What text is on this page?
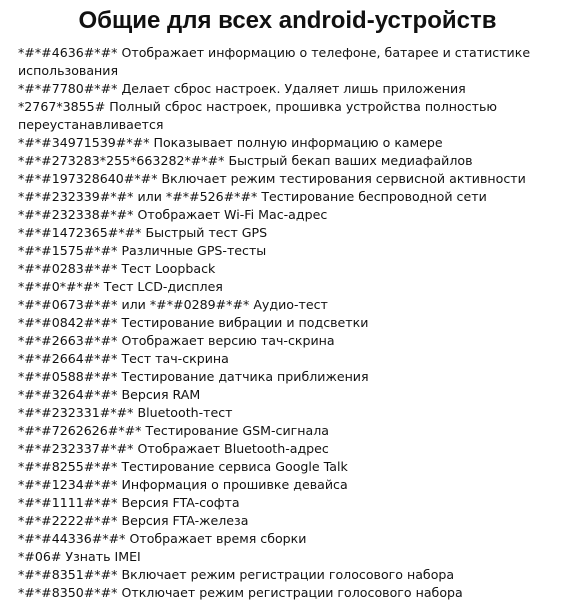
Общие для всех android-устройств
*#*#4636#*#* Отображает информацию о телефоне, батарее и статистике
использования
*#*#7780#*#* Делает сброс настроек. Удаляет лишь приложения
*2767*3855# Полный сброс настроек, прошивка устройства полностью
переустанавливается
*#*#34971539#*#* Показывает полную информацию о камере
*#*#273283*255*663282*#*#* Быстрый бекап ваших медиафайлов
*#*#197328640#*#* Включает режим тестирования сервисной активности
*#*#232339#*#* или *#*#526#*#* Тестирование беспроводной сети
*#*#232338#*#* Отображает Wi-Fi Mac-адрес
*#*#1472365#*#* Быстрый тест GPS
*#*#1575#*#* Различные GPS-тесты
*#*#0283#*#* Тест Loopback
*#*#0*#*#* Тест LCD-дисплея
*#*#0673#*#* или *#*#0289#*#* Аудио-тест
*#*#0842#*#* Тестирование вибрации и подсветки
*#*#2663#*#* Отображает версию тач-скрина
*#*#2664#*#* Тест тач-скрина
*#*#0588#*#* Тестирование датчика приближения
*#*#3264#*#* Версия RAM
*#*#232331#*#* Bluetooth-тест
*#*#7262626#*#* Тестирование GSM-сигнала
*#*#232337#*#* Отображает Bluetooth-адрес
*#*#8255#*#* Тестирование сервиса Google Talk
*#*#1234#*#* Информация о прошивке девайса
*#*#1111#*#* Версия FTA-софта
*#*#2222#*#* Версия FTA-железа
*#*#44336#*#* Отображает время сборки
*#06# Узнать IMEI
*#*#8351#*#* Включает режим регистрации голосового набора
*#*#8350#*#* Отключает режим регистрации голосового набора
